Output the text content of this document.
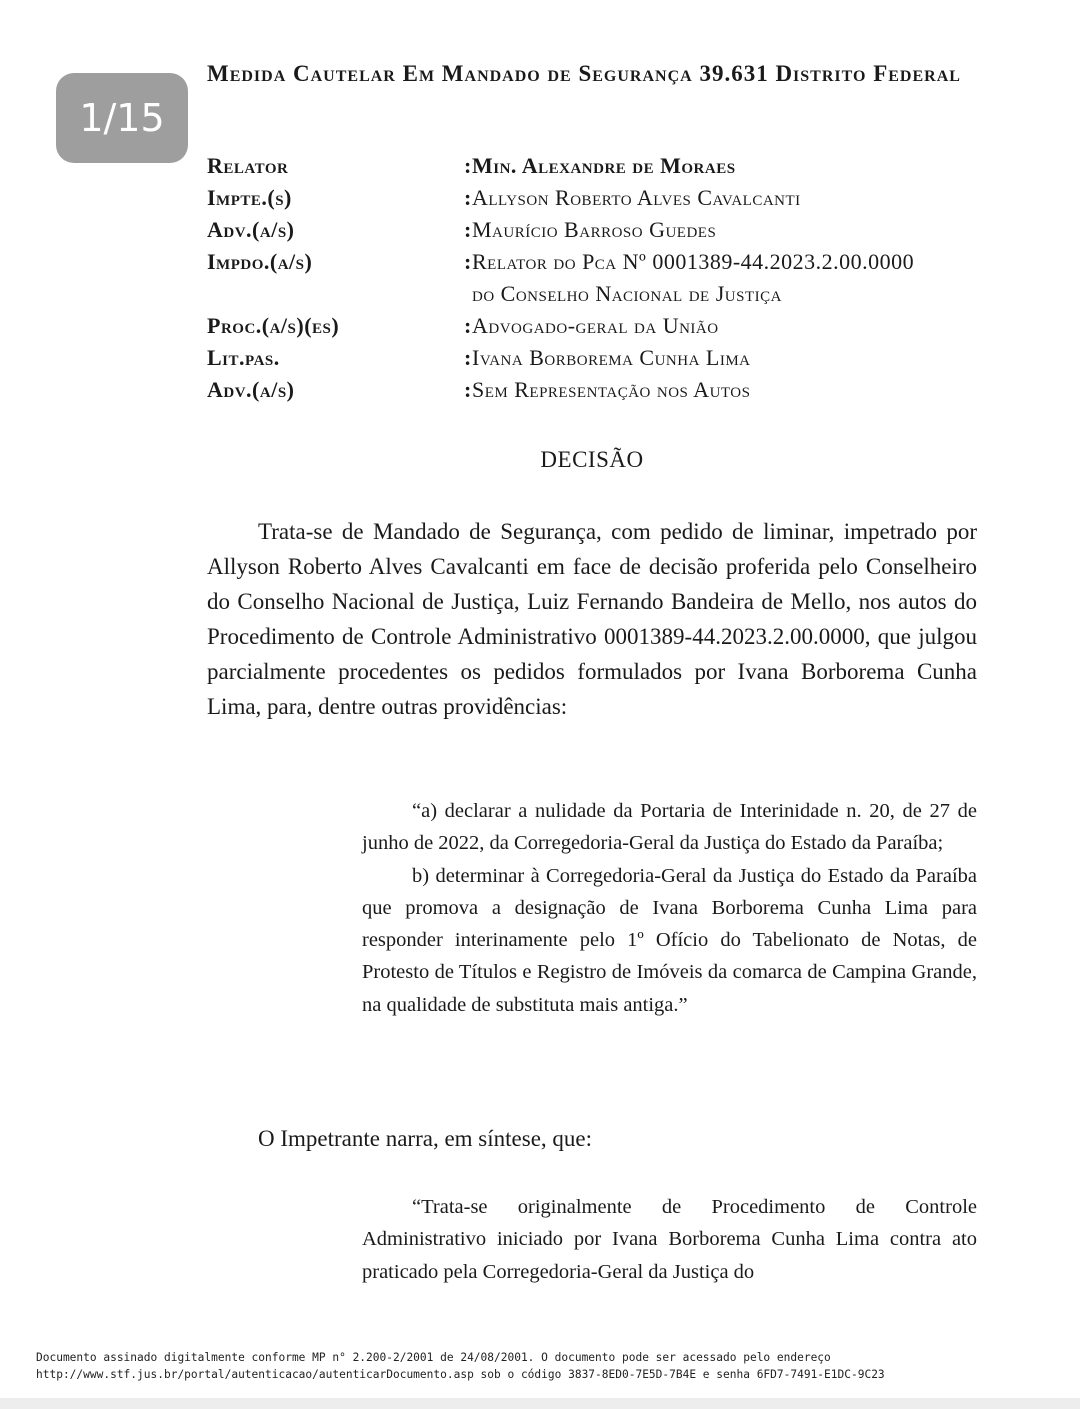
1/15
Medida Cautelar Em Mandado de Segurança 39.631 Distrito Federal
Relator	: Min. Alexandre de Moraes
Impte.(s)	: Allyson Roberto Alves Cavalcanti
Adv.(a/s)	: Maurício Barroso Guedes
Impdo.(a/s)	: Relator do Pca Nº 0001389-44.2023.2.00.0000
do Conselho Nacional de Justiça
Proc.(a/s)(es)	: Advogado-geral da União
Lit.pas.	: Ivana Borborema Cunha Lima
Adv.(a/s)	: Sem Representação nos Autos
DECISÃO

Trata-se de Mandado de Segurança, com pedido de liminar, impetrado por Allyson Roberto Alves Cavalcanti em face de decisão proferida pelo Conselheiro do Conselho Nacional de Justiça, Luiz Fernando Bandeira de Mello, nos autos do Procedimento de Controle Administrativo 0001389-44.2023.2.00.0000, que julgou parcialmente procedentes os pedidos formulados por Ivana Borborema Cunha Lima, para, dentre outras providências:

“a) declarar a nulidade da Portaria de Interinidade n. 20, de 27 de junho de 2022, da Corregedoria-Geral da Justiça do Estado da Paraíba;

b) determinar à Corregedoria-Geral da Justiça do Estado da Paraíba que promova a designação de Ivana Borborema Cunha Lima para responder interinamente pelo 1º Ofício do Tabelionato de Notas, de Protesto de Títulos e Registro de Imóveis da comarca de Campina Grande, na qualidade de substituta mais antiga.”

O Impetrante narra, em síntese, que:

“Trata-se originalmente de Procedimento de Controle Administrativo iniciado por Ivana Borborema Cunha Lima contra ato praticado pela Corregedoria-Geral da Justiça do

Documento assinado digitalmente conforme MP n° 2.200-2/2001 de 24/08/2001. O documento pode ser acessado pelo endereço
http://www.stf.jus.br/portal/autenticacao/autenticarDocumento.asp sob o código 3837-8ED0-7E5D-7B4E e senha 6FD7-7491-E1DC-9C23
